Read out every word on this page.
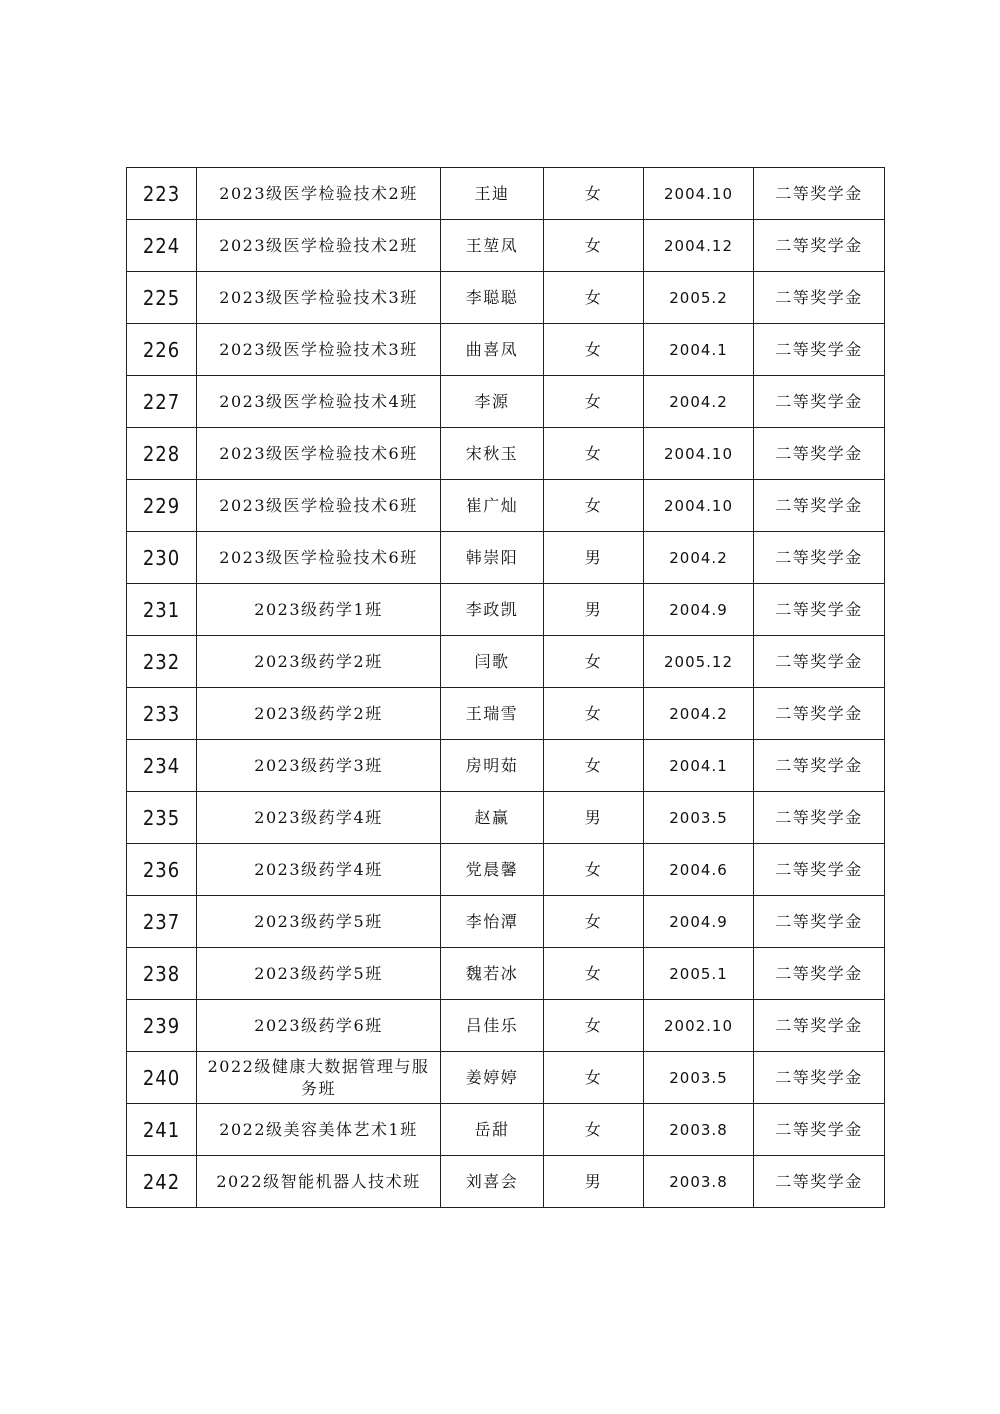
223	2023级医学检验技术2班	王迪	女	2004.10	二等奖学金
224	2023级医学检验技术2班	王堃凤	女	2004.12	二等奖学金
225	2023级医学检验技术3班	李聪聪	女	2005.2	二等奖学金
226	2023级医学检验技术3班	曲喜凤	女	2004.1	二等奖学金
227	2023级医学检验技术4班	李源	女	2004.2	二等奖学金
228	2023级医学检验技术6班	宋秋玉	女	2004.10	二等奖学金
229	2023级医学检验技术6班	崔广灿	女	2004.10	二等奖学金
230	2023级医学检验技术6班	韩崇阳	男	2004.2	二等奖学金
231	2023级药学1班	李政凯	男	2004.9	二等奖学金
232	2023级药学2班	闫歌	女	2005.12	二等奖学金
233	2023级药学2班	王瑞雪	女	2004.2	二等奖学金
234	2023级药学3班	房明茹	女	2004.1	二等奖学金
235	2023级药学4班	赵赢	男	2003.5	二等奖学金
236	2023级药学4班	党晨馨	女	2004.6	二等奖学金
237	2023级药学5班	李怡潭	女	2004.9	二等奖学金
238	2023级药学5班	魏若冰	女	2005.1	二等奖学金
239	2023级药学6班	吕佳乐	女	2002.10	二等奖学金
240	2022级健康大数据管理与服务班	姜婷婷	女	2003.5	二等奖学金
241	2022级美容美体艺术1班	岳甜	女	2003.8	二等奖学金
242	2022级智能机器人技术班	刘喜会	男	2003.8	二等奖学金
